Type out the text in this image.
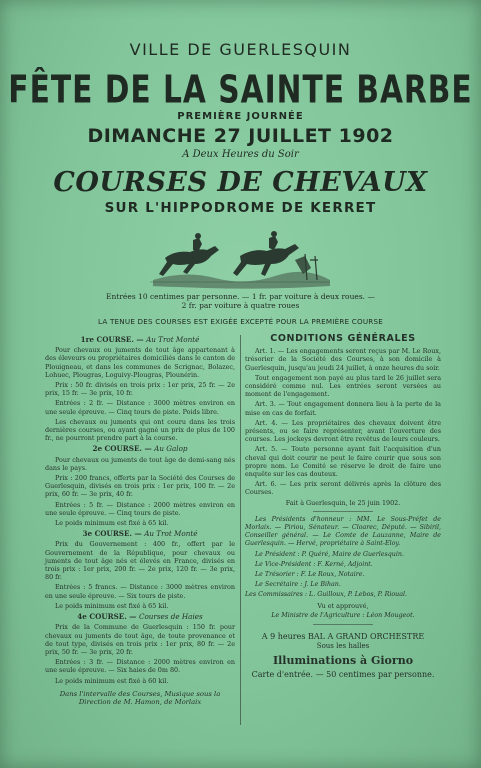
VILLE DE GUERLESQUIN
FÊTE DE LA SAINTE BARBE
PREMIÈRE JOURNÉE
DIMANCHE 27 JUILLET 1902
A Deux Heures du Soir
COURSES DE CHEVAUX
SUR L'HIPPODROME DE KERRET
Entrées 10 centimes par personne. — 1 fr. par voiture à deux roues. —
2 fr. par voiture à quatre roues
LA TENUE DES COURSES EST EXIGÉE EXCEPTÉ POUR LA PREMIÈRE COURSE
1re COURSE. — Au Trot Monté
Pour chevaux ou juments de tout âge appartenant à des éleveurs ou propriétaires domiciliés dans le canton de Plouigneau, et dans les communes de Scrignac, Bolazec, Lohuec, Plougras, Loguivy-Plougras, Plounérin.
Prix : 50 fr. divisés en trois prix : 1er prix, 25 fr. — 2e prix, 15 fr. — 3e prix, 10 fr.
Entrées : 2 fr. — Distance : 3000 mètres environ en une seule épreuve. — Cinq tours de piste. Poids libre.
Les chevaux ou juments qui ont couru dans les trois dernières courses, ou ayant gagné un prix de plus de 100 fr., ne pourront prendre part à la course.
2e COURSE. — Au Galop
Pour chevaux ou juments de tout âge de demi-sang nés dans le pays.
Prix : 200 francs, offerts par la Société des Courses de Guerlesquin, divisés en trois prix : 1er prix, 100 fr. — 2e prix, 60 fr. — 3e prix, 40 fr.
Entrées : 5 fr. — Distance : 2000 mètres environ en une seule épreuve. — Cinq tours de piste.
Le poids minimum est fixé à 65 kil.
3e COURSE. — Au Trot Monté
Prix du Gouvernement : 400 fr., offert par le Gouvernement de la République, pour chevaux ou juments de tout âge nés et élevés en France, divisés en trois prix : 1er prix, 200 fr. — 2e prix, 120 fr. — 3e prix, 80 fr.
Entrées : 5 francs. — Distance : 3000 mètres environ en une seule épreuve. — Six tours de piste.
Le poids minimum est fixé à 65 kil.
4e COURSE. — Courses de Haies
Prix de la Commune de Guerlesquin : 150 fr. pour chevaux ou juments de tout âge, de toute provenance et de tout type, divisés en trois prix : 1er prix, 80 fr. — 2e prix, 50 fr. — 3e prix, 20 fr.
Entrées : 3 fr. — Distance : 2000 mètres environ en une seule épreuve. — Six haies de 0m 80.
Le poids minimum est fixé à 60 kil.
Dans l'intervalle des Courses, Musique sous la Direction de M. Hamon, de Morlaix
CONDITIONS GÉNÉRALES
Art. 1. — Les engagements seront reçus par M. Le Roux, trésorier de la Société des Courses, à son domicile à Guerlesquin, jusqu'au jeudi 24 juillet, à onze heures du soir.
Tout engagement non payé au plus tard le 26 juillet sera considéré comme nul. Les entrées seront versées au moment de l'engagement.
Art. 3. — Tout engagement donnera lieu à la perte de la mise en cas de forfait.
Art. 4. — Les propriétaires des chevaux doivent être présents, ou se faire représenter, avant l'ouverture des courses. Les jockeys devront être revêtus de leurs couleurs.
Art. 5. — Toute personne ayant fait l'acquisition d'un cheval qui doit courir ne peut le faire courir que sous son propre nom. Le Comité se réserve le droit de faire une enquête sur les cas douteux.
Art. 6. — Les prix seront délivrés après la clôture des Courses.
Fait à Guerlesquin, le 25 juin 1902.
Les Présidents d'honneur : MM. Le Sous-Préfet de Morlaix. — Piriou, Sénateur. — Cloarec, Député. — Sibiril, Conseiller général. — Le Comte de Lauzanne, Maire de Guerlesquin. — Hervé, propriétaire à Saint-Eloy.
Le Président : P. Quéré, Maire de Guerlesquin.
Le Vice-Président : F. Kerné, Adjoint.
Le Trésorier : F. Le Roux, Notaire.
Le Secrétaire : J. Le Bihan.
Les Commissaires : L. Guilloux, P. Lebos, P. Rioual.
Vu et approuvé,
Le Ministre de l'Agriculture : Léon Mougeot.
A 9 heures BAL A GRAND ORCHESTRE
Sous les halles
Illuminations à Giorno
Carte d'entrée. — 50 centimes par personne.
